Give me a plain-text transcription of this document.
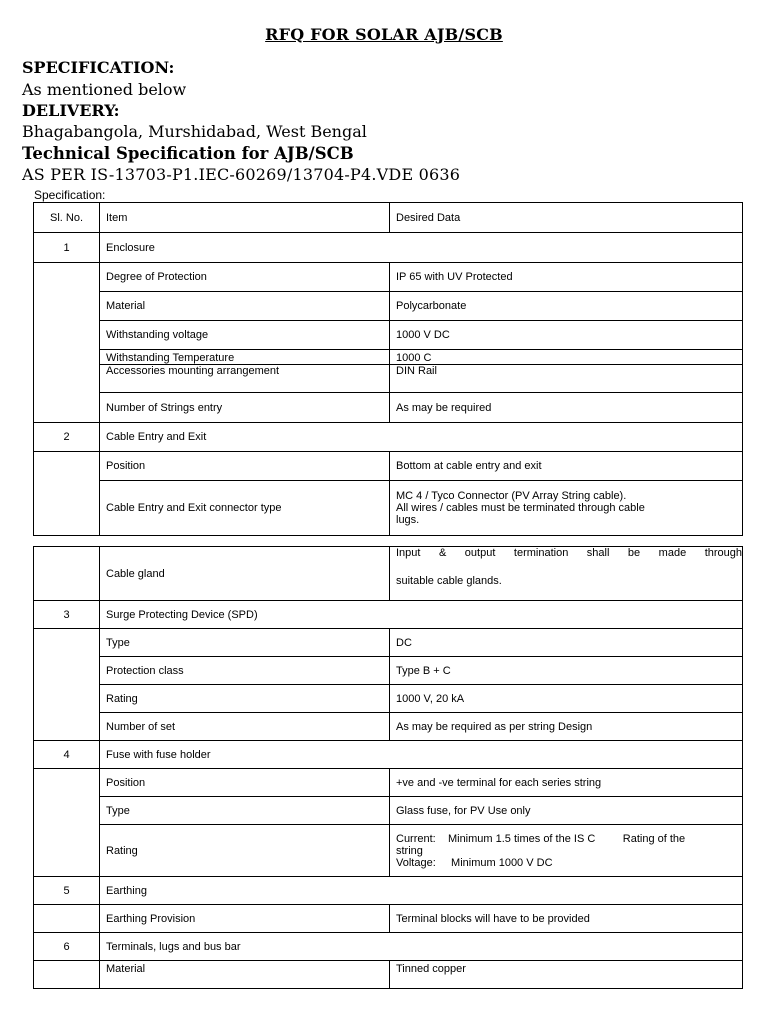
RFQ FOR SOLAR AJB/SCB

SPECIFICATION:

As mentioned below

DELIVERY:

Bhagabangola, Murshidabad, West Bengal

Technical Specification for AJB/SCB

AS PER IS-13703-P1.IEC-60269/13704-P4.VDE 0636

Specification:
Sl. No.	Item	Desired Data
1	Enclosure	
	Degree of Protection	IP 65 with UV Protected
	Material	Polycarbonate
	Withstanding voltage	1000 V DC
	Withstanding Temperature	1000 C
	Accessories mounting arrangement	DIN Rail
	Number of Strings entry	As may be required
2	Cable Entry and Exit	
	Position	Bottom at cable entry and exit
	Cable Entry and Exit connector type	MC 4 / Tyco Connector (PV Array String cable).
All wires / cables must be terminated through cable
lugs.
	Cable gland	Input & output termination shall be made through
suitable cable glands.

3	Surge Protecting Device (SPD)	
	Type	DC
	Protection class	Type B + C
	Rating	1000 V, 20 kA
	Number of set	As may be required as per string Design
4	Fuse with fuse holder	
	Position	+ve and -ve terminal for each series string
	Type	Glass fuse, for PV Use only
	Rating	Current:    Minimum 1.5 times of the IS C         Rating of the
string
Voltage:     Minimum 1000 V DC

5	Earthing	
	Earthing Provision	Terminal blocks will have to be provided
6	Terminals, lugs and bus bar	
	Material	Tinned copper
